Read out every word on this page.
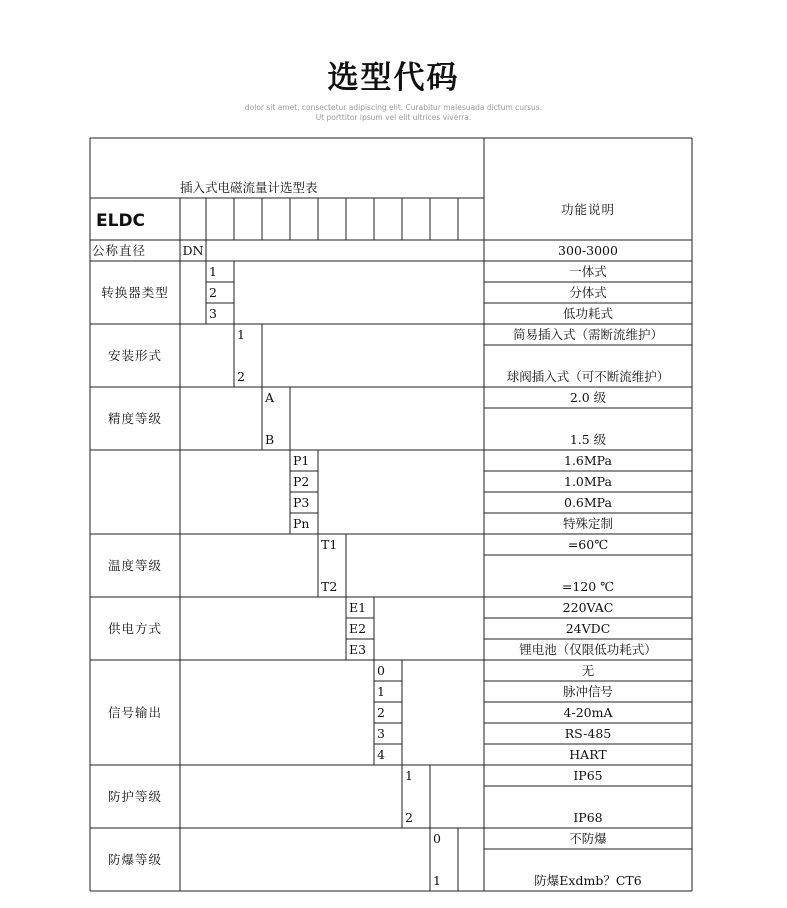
选型代码
dolor sit amet, consectetur adipiscing elit. Curabitur malesuada dictum cursus.
Ut porttitor ipsum vel elit ultrices viverra.
插入式电磁流量计选型表
ELDC
功能说明
公称直径	DN	300-3000
转换器类型
1
2
3
一体式
分体式
低功耗式
安装形式
1
2
简易插入式（需断流维护）
球阀插入式（可不断流维护）
精度等级
A
B
2.0 级
1.5 级
P1
P2
P3
Pn
1.6MPa
1.0MPa
0.6MPa
特殊定制
温度等级
T1
T2
=60℃
=120 ℃
供电方式
E1
E2
E3
220VAC
24VDC
锂电池（仅限低功耗式）
信号输出
0
1
2
3
4
无
脉冲信号
4-20mA
RS-485
HART
防护等级
1
2
IP65
IP68
防爆等级
0
1
不防爆
防爆Exdmb？CT6
